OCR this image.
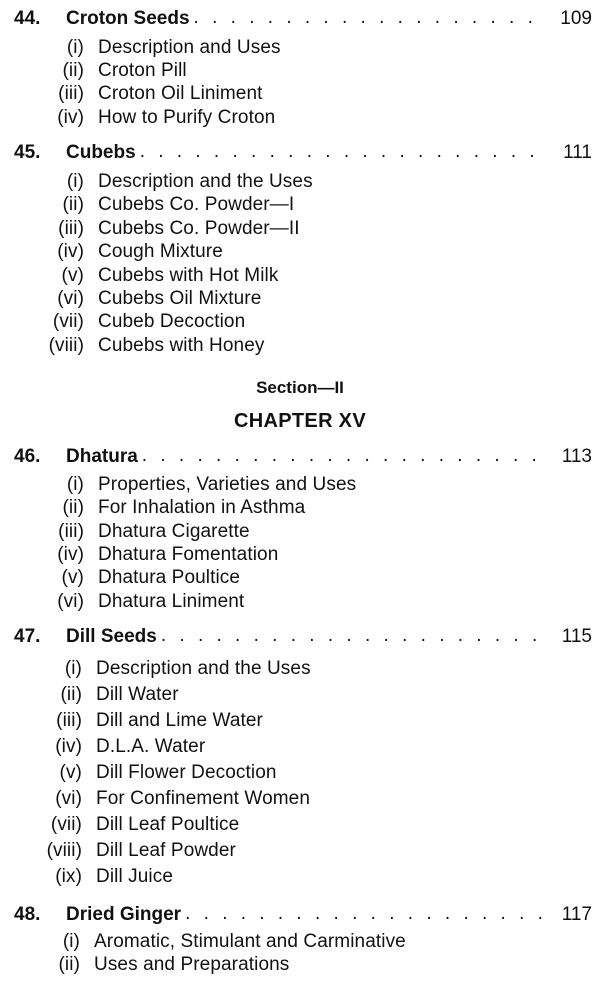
44.	Croton Seeds . . .	109
(i) Description and Uses
(ii) Croton Pill
(iii) Croton Oil Liniment
(iv) How to Purify Croton
45.	Cubebs . . .	111
(i) Description and the Uses
(ii) Cubebs Co. Powder—I
(iii) Cubebs Co. Powder—II
(iv) Cough Mixture
(v) Cubebs with Hot Milk
(vi) Cubebs Oil Mixture
(vii) Cubeb Decoction
(viii) Cubebs with Honey
Section—II
CHAPTER XV
46.	Dhatura . . .	113
(i) Properties, Varieties and Uses
(ii) For Inhalation in Asthma
(iii) Dhatura Cigarette
(iv) Dhatura Fomentation
(v) Dhatura Poultice
(vi) Dhatura Liniment
47.	Dill Seeds . . .	115
(i) Description and the Uses
(ii) Dill Water
(iii) Dill and Lime Water
(iv) D.L.A. Water
(v) Dill Flower Decoction
(vi) For Confinement Women
(vii) Dill Leaf Poultice
(viii) Dill Leaf Powder
(ix) Dill Juice
48.	Dried Ginger . . .	117
(i) Aromatic, Stimulant and Carminative
(ii) Uses and Preparations
